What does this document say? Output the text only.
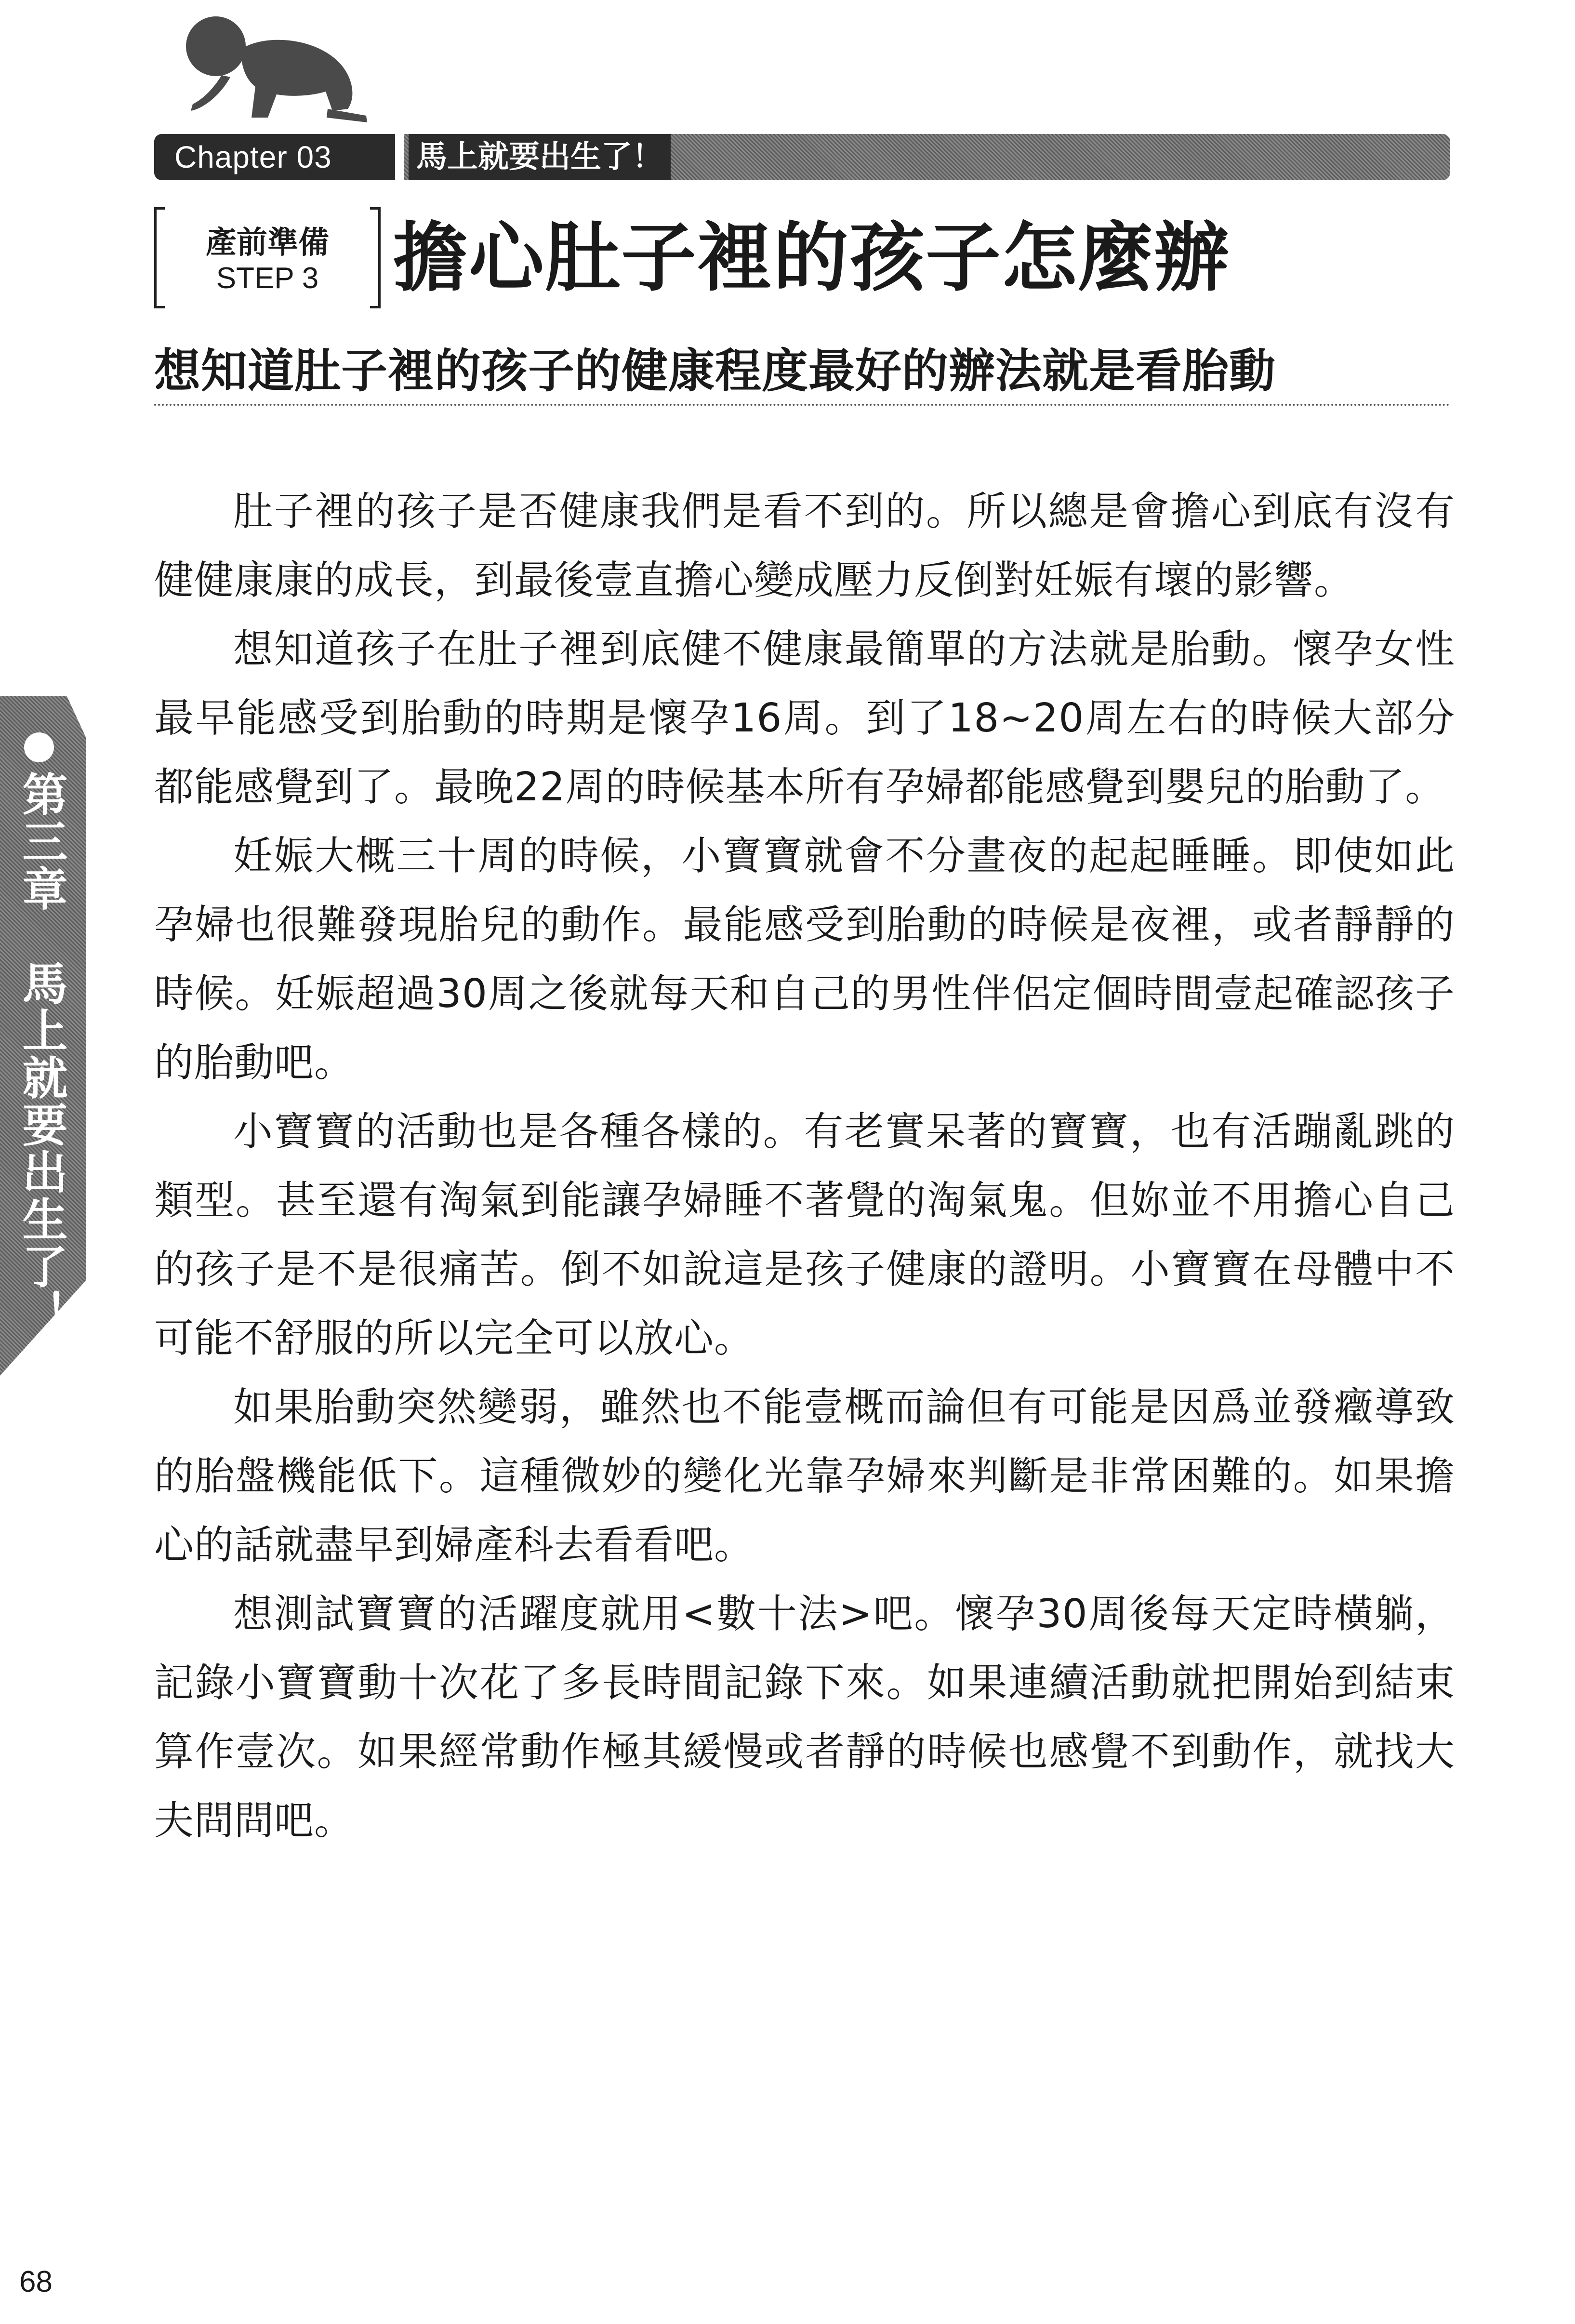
Chapter 03	馬上就要出生了！
產前準備
STEP 3 擔心肚子裡的孩子怎麼辦
想知道肚子裡的孩子的健康程度最好的辦法就是看胎動

肚子裡的孩子是否健康我們是看不到的。所以總是會擔心到底有沒有健健康康的成長，到最後壹直擔心變成壓力反倒對妊娠有壞的影響。

想知道孩子在肚子裡到底健不健康最簡單的方法就是胎動。懷孕女性最早能感受到胎動的時期是懷孕16周。到了18~20周左右的時候大部分都能感覺到了。最晚22周的時候基本所有孕婦都能感覺到嬰兒的胎動了。

妊娠大概三十周的時候，小寶寶就會不分晝夜的起起睡睡。即使如此孕婦也很難發現胎兒的動作。最能感受到胎動的時候是夜裡，或者靜靜的時候。妊娠超過30周之後就每天和自己的男性伴侶定個時間壹起確認孩子的胎動吧。

小寶寶的活動也是各種各樣的。有老實呆著的寶寶，也有活蹦亂跳的類型。甚至還有淘氣到能讓孕婦睡不著覺的淘氣鬼。但妳並不用擔心自己的孩子是不是很痛苦。倒不如說這是孩子健康的證明。小寶寶在母體中不可能不舒服的所以完全可以放心。

如果胎動突然變弱，雖然也不能壹概而論但有可能是因爲並發癥導致的胎盤機能低下。這種微妙的變化光靠孕婦來判斷是非常困難的。如果擔心的話就盡早到婦產科去看看吧。

想測試寶寶的活躍度就用<數十法>吧。懷孕30周後每天定時橫躺，記錄小寶寶動十次花了多長時間記錄下來。如果連續活動就把開始到結束算作壹次。如果經常動作極其緩慢或者靜的時候也感覺不到動作，就找大夫問問吧。

第三章　馬上就要出生了！
68
